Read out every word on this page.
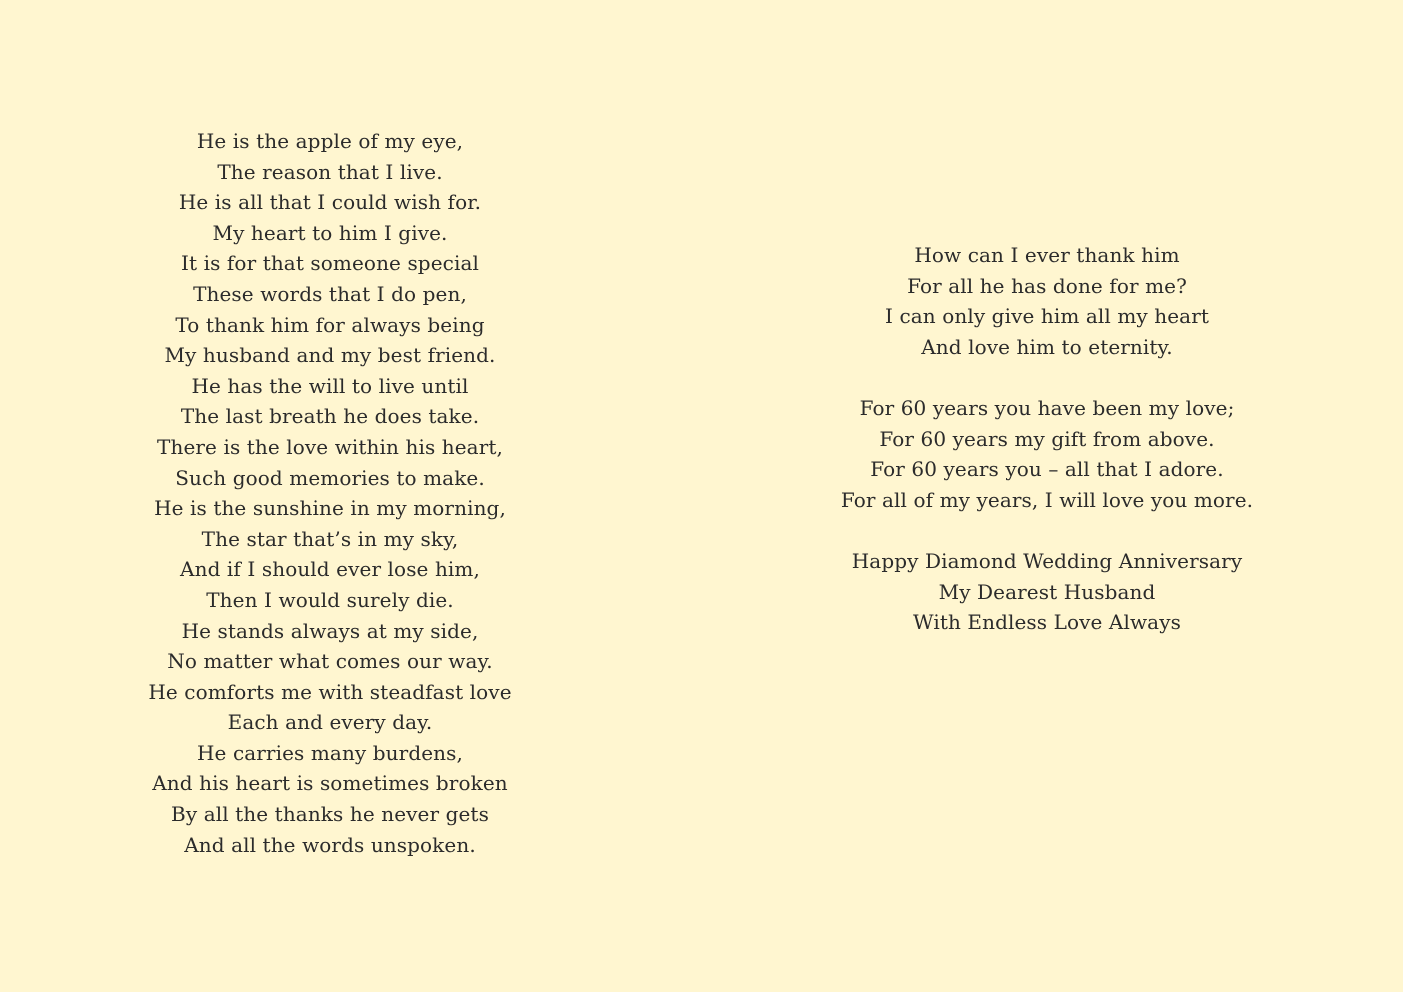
He is the apple of my eye,
The reason that I live.
He is all that I could wish for.
My heart to him I give.
It is for that someone special
These words that I do pen,
To thank him for always being
My husband and my best friend.
He has the will to live until
The last breath he does take.
There is the love within his heart,
Such good memories to make.
He is the sunshine in my morning,
The star that’s in my sky,
And if I should ever lose him,
Then I would surely die.
He stands always at my side,
No matter what comes our way.
He comforts me with steadfast love
Each and every day.
He carries many burdens,
And his heart is sometimes broken
By all the thanks he never gets
And all the words unspoken.
How can I ever thank him
For all he has done for me?
I can only give him all my heart
And love him to eternity.
For 60 years you have been my love;
For 60 years my gift from above.
For 60 years you – all that I adore.
For all of my years, I will love you more.
Happy Diamond Wedding Anniversary
My Dearest Husband
With Endless Love Always
